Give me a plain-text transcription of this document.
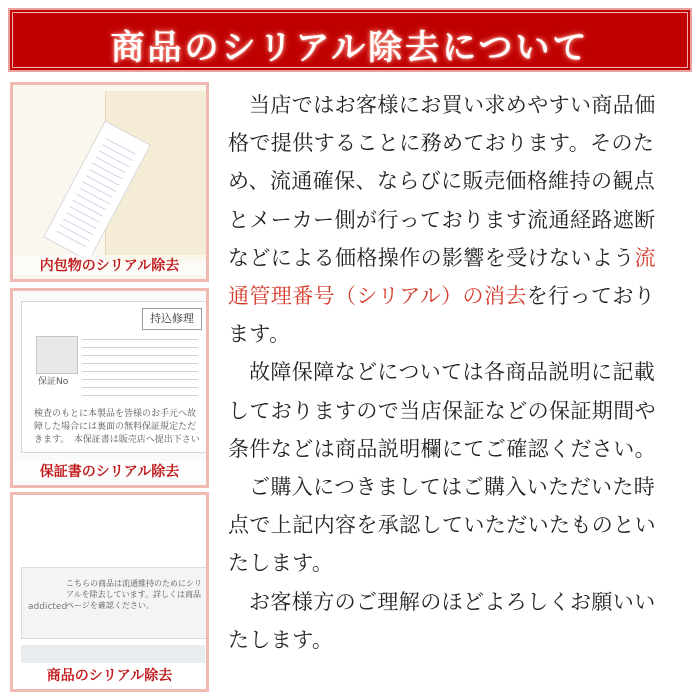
商品のシリアル除去について
内包物のシリアル除去
持込修理
保証No
検査のもとに本製品を皆様のお手元へ故障した場合には裏面の無料保証規定ただきます。　本保証書は販売店へ提出下さい
保証書のシリアル除去
addicted
こちらの商品は流通維持のためにシリアルを除去しています。詳しくは商品ページを確認ください。
商品のシリアル除去

当店ではお客様にお買い求めやすい商品価格で提供することに務めております。そのため、流通確保、ならびに販売価格維持の観点とメーカー側が行っております流通経路遮断などによる価格操作の影響を受けないよう流通管理番号（シリアル）の消去を行っております。

故障保障などについては各商品説明に記載しておりますので当店保証などの保証期間や条件などは商品説明欄にてご確認ください。

ご購入につきましてはご購入いただいた時点で上記内容を承認していただいたものといたします。

お客様方のご理解のほどよろしくお願いいたします。
